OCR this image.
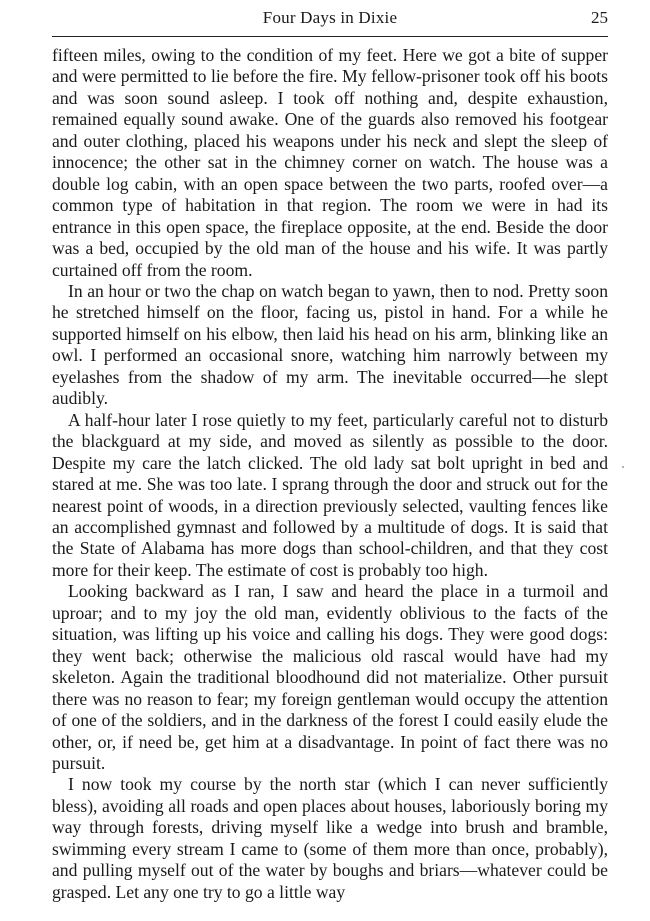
Four Days in Dixie	25

fifteen miles, owing to the condition of my feet. Here we got a bite of supper and were permitted to lie before the fire. My fellow-prisoner took off his boots and was soon sound asleep. I took off nothing and, despite exhaustion, remained equally sound awake. One of the guards also removed his footgear and outer clothing, placed his weapons under his neck and slept the sleep of innocence; the other sat in the chimney corner on watch. The house was a double log cabin, with an open space between the two parts, roofed over—a common type of habitation in that region. The room we were in had its entrance in this open space, the fireplace opposite, at the end. Beside the door was a bed, occupied by the old man of the house and his wife. It was partly curtained off from the room.

In an hour or two the chap on watch began to yawn, then to nod. Pretty soon he stretched himself on the floor, facing us, pistol in hand. For a while he supported himself on his elbow, then laid his head on his arm, blinking like an owl. I performed an occasional snore, watching him narrowly between my eyelashes from the shadow of my arm. The inevitable occurred—he slept audibly.

A half-hour later I rose quietly to my feet, particularly careful not to disturb the blackguard at my side, and moved as silently as possible to the door. Despite my care the latch clicked. The old lady sat bolt upright in bed and stared at me. She was too late. I sprang through the door and struck out for the nearest point of woods, in a direction previously selected, vaulting fences like an accomplished gymnast and followed by a multitude of dogs. It is said that the State of Alabama has more dogs than school-children, and that they cost more for their keep. The estimate of cost is probably too high.

Looking backward as I ran, I saw and heard the place in a turmoil and uproar; and to my joy the old man, evidently oblivious to the facts of the situation, was lifting up his voice and calling his dogs. They were good dogs: they went back; otherwise the malicious old rascal would have had my skeleton. Again the traditional bloodhound did not materialize. Other pursuit there was no reason to fear; my foreign gentleman would occupy the attention of one of the soldiers, and in the darkness of the forest I could easily elude the other, or, if need be, get him at a disadvantage. In point of fact there was no pursuit.

I now took my course by the north star (which I can never sufficiently bless), avoiding all roads and open places about houses, laboriously boring my way through forests, driving myself like a wedge into brush and bramble, swimming every stream I came to (some of them more than once, probably), and pulling myself out of the water by boughs and briars—whatever could be grasped. Let any one try to go a little way
